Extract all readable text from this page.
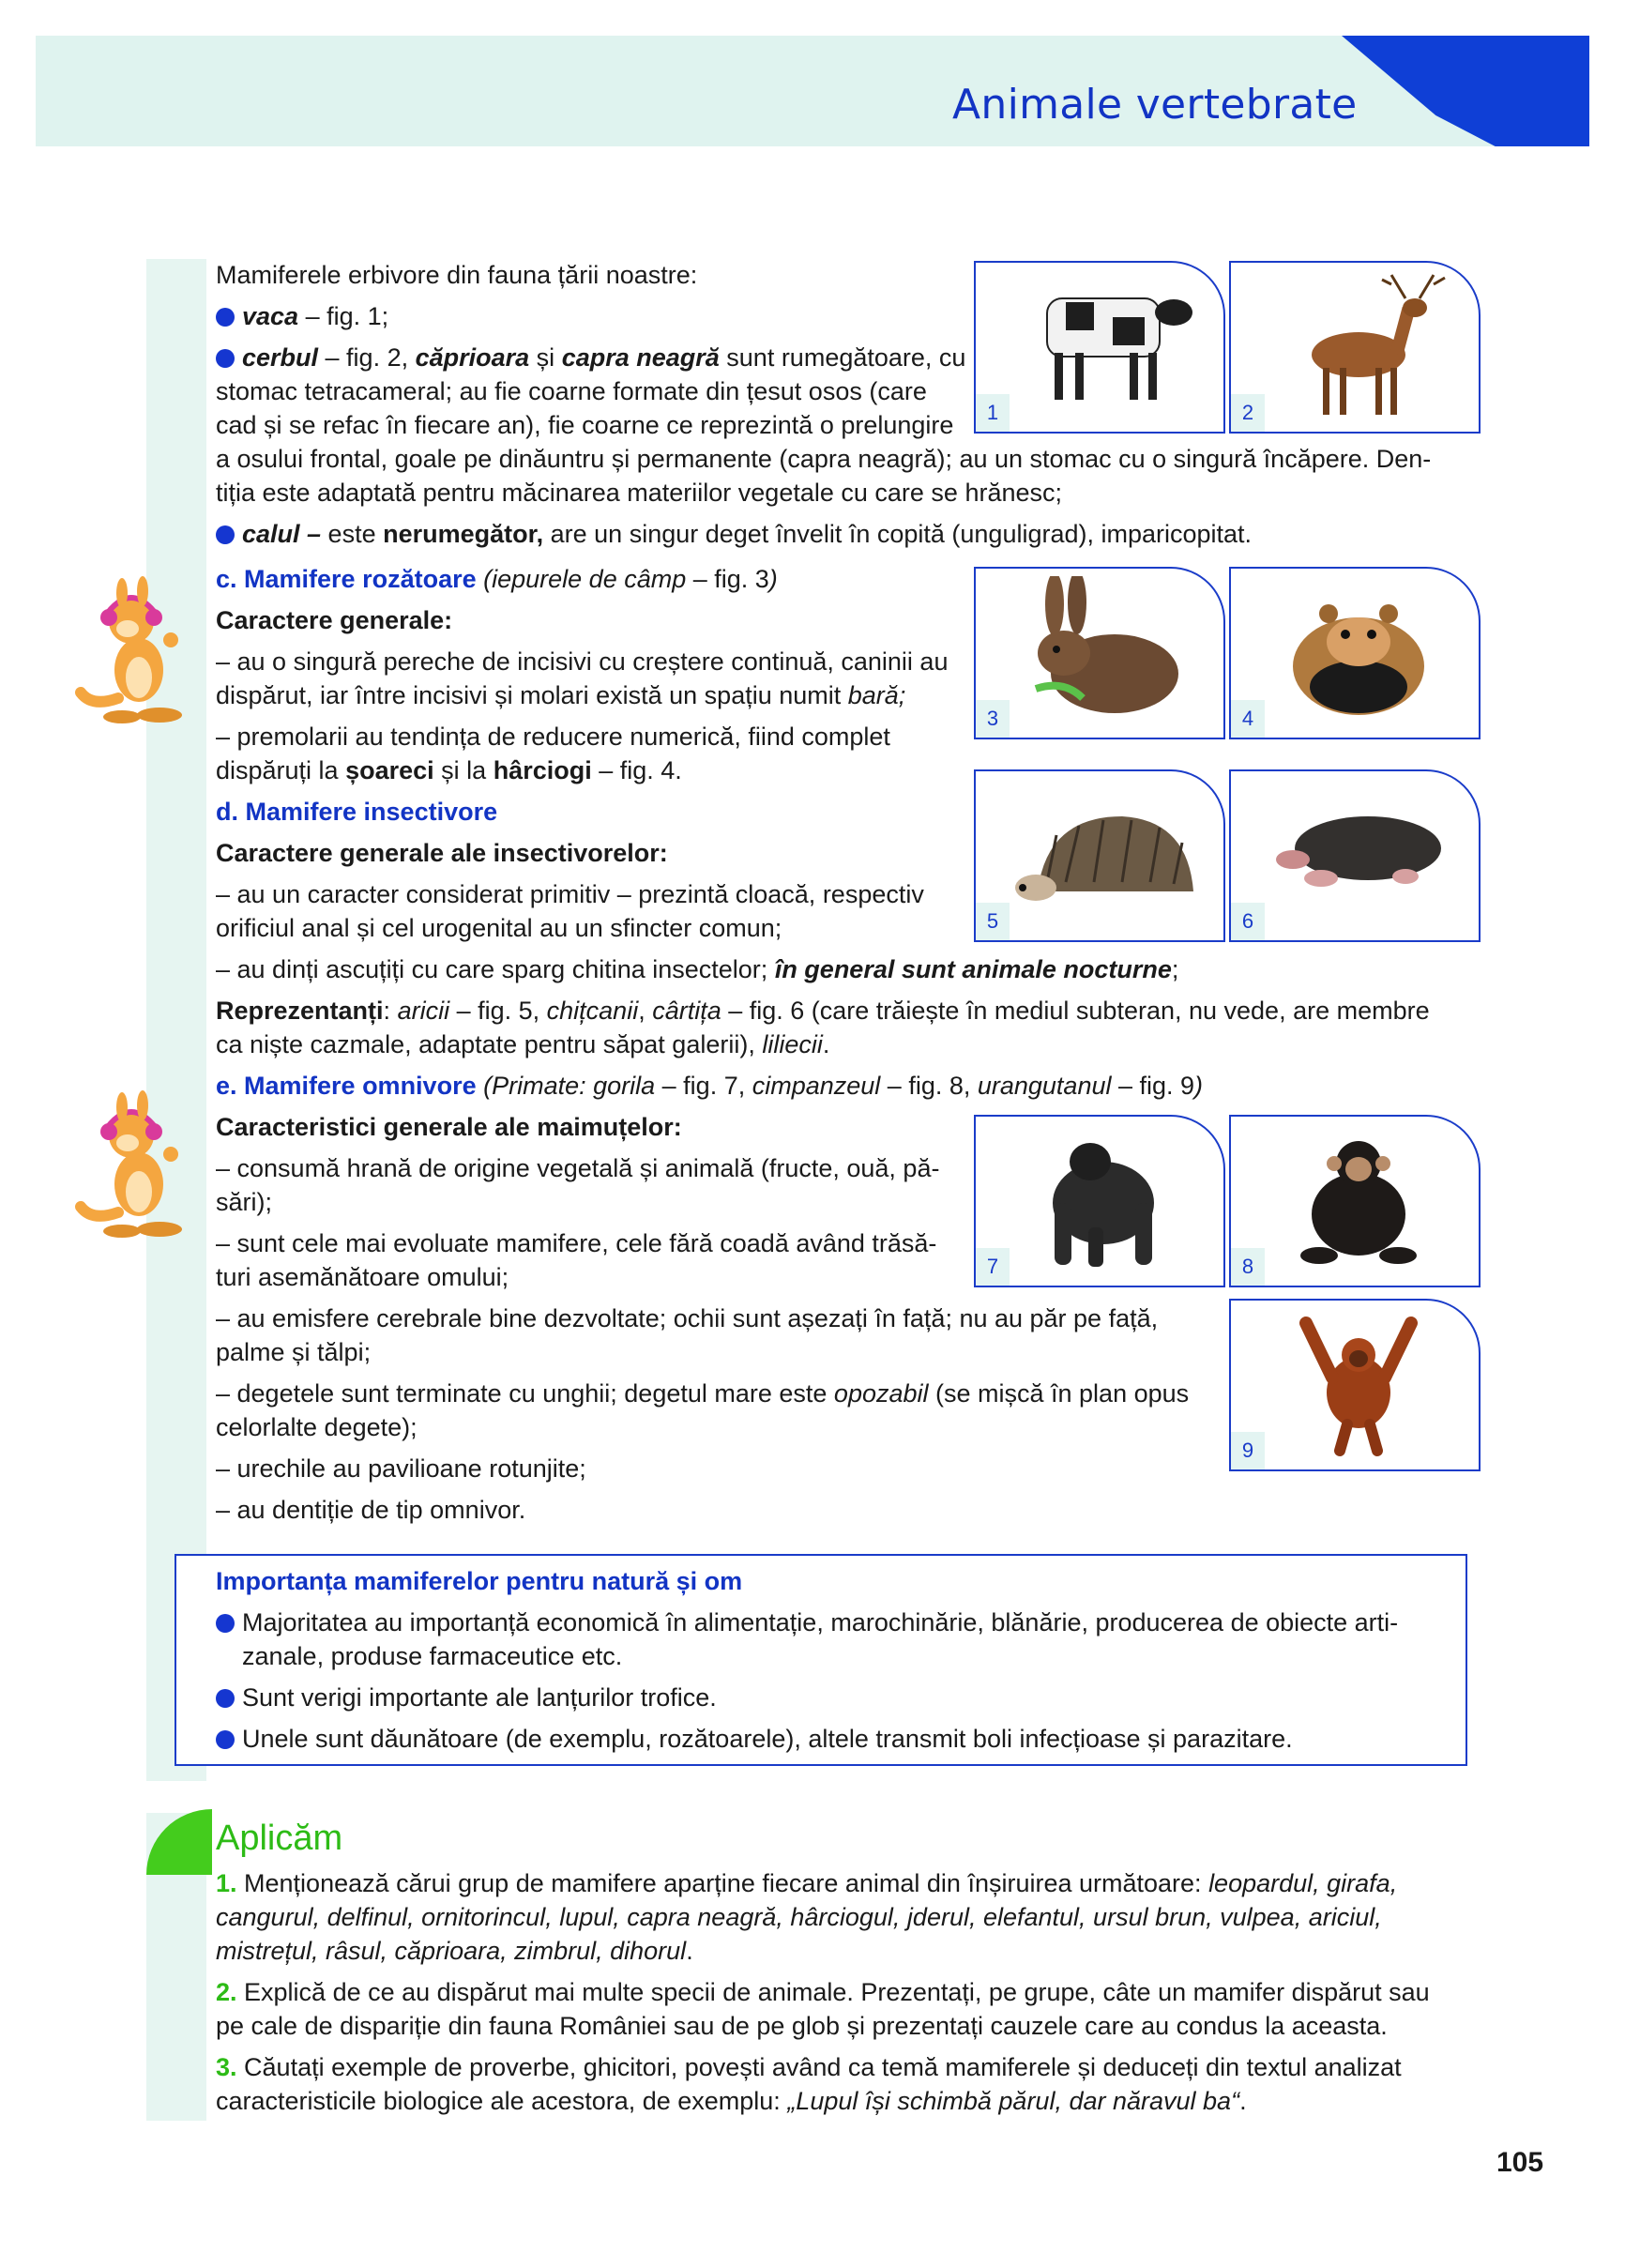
Animale vertebrate
1	2
3	4
5	6
7	8
9
Mamiferele erbivore din fauna țării noastre:
vaca – fig. 1;
cerbul – fig. 2, căprioara și capra neagră sunt rumegătoare, cu
stomac tetracameral; au fie coarne formate din țesut osos (care
cad și se refac în fiecare an), fie coarne ce reprezintă o prelungire
a osului frontal, goale pe dinăuntru și permanente (capra neagră); au un stomac cu o singură încăpere. Den-
tiția este adaptată pentru măcinarea materiilor vegetale cu care se hrănesc;
calul – este nerumegător, are un singur deget învelit în copită (unguligrad), imparicopitat.
c. Mamifere rozătoare (iepurele de câmp – fig. 3)
Caractere generale:
– au o singură pereche de incisivi cu creștere continuă, caninii au
dispărut, iar între incisivi și molari există un spațiu numit bară;
– premolarii au tendința de reducere numerică, fiind complet
dispăruți la șoareci și la hârciogi – fig. 4.
d. Mamifere insectivore
Caractere generale ale insectivorelor:
– au un caracter considerat primitiv – prezintă cloacă, respectiv
orificiul anal și cel urogenital au un sfincter comun;
– au dinți ascuțiți cu care sparg chitina insectelor; în general sunt animale nocturne;
Reprezentanți: aricii – fig. 5, chițcanii, cârtița – fig. 6 (care trăiește în mediul subteran, nu vede, are membre
ca niște cazmale, adaptate pentru săpat galerii), liliecii.
e. Mamifere omnivore (Primate: gorila – fig. 7, cimpanzeul – fig. 8, urangutanul – fig. 9)
Caracteristici generale ale maimuțelor:
– consumă hrană de origine vegetală și animală (fructe, ouă, pă-
sări);
– sunt cele mai evoluate mamifere, cele fără coadă având trăsă-
turi asemănătoare omului;
– au emisfere cerebrale bine dezvoltate; ochii sunt așezați în față; nu au păr pe față,
palme și tălpi;
– degetele sunt terminate cu unghii; degetul mare este opozabil (se mișcă în plan opus
celorlalte degete);
– urechile au pavilioane rotunjite;
– au dentiție de tip omnivor.
Importanța mamiferelor pentru natură și om
Majoritatea au importanță economică în alimentație, marochinărie, blănărie, producerea de obiecte arti-
zanale, produse farmaceutice etc.
Sunt verigi importante ale lanțurilor trofice.
Unele sunt dăunătoare (de exemplu, rozătoarele), altele transmit boli infecțioase și parazitare.
Aplicăm
1. Menționează cărui grup de mamifere aparține fiecare animal din înșiruirea următoare: leopardul, girafa,
cangurul, delfinul, ornitorincul, lupul, capra neagră, hârciogul, jderul, elefantul, ursul brun, vulpea, ariciul,
mistrețul, râsul, căprioara, zimbrul, dihorul.
2. Explică de ce au dispărut mai multe specii de animale. Prezentați, pe grupe, câte un mamifer dispărut sau
pe cale de dispariție din fauna României sau de pe glob și prezentați cauzele care au condus la aceasta.
3. Căutați exemple de proverbe, ghicitori, povești având ca temă mamiferele și deduceți din textul analizat
caracteristicile biologice ale acestora, de exemplu: „Lupul își schimbă părul, dar năravul ba“.
105
